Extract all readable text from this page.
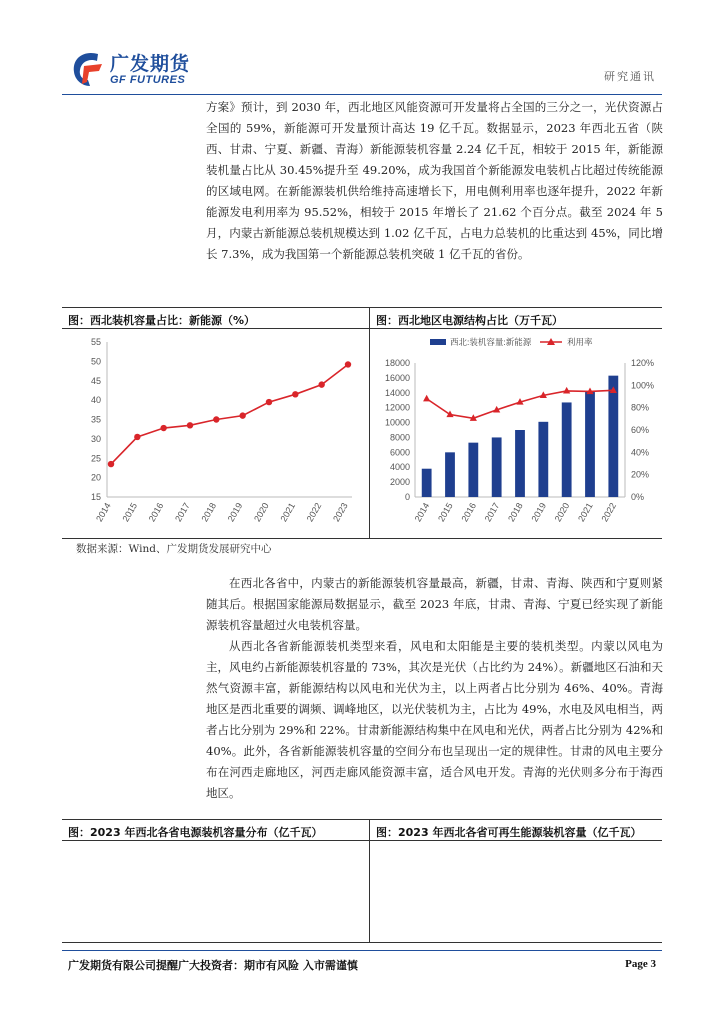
广发期货
GF FUTURES	研究通讯

方案》预计，到 2030 年，西北地区风能资源可开发量将占全国的三分之一，光伏资源占全国的 59%，新能源可开发量预计高达 19 亿千瓦。数据显示，2023 年西北五省（陕西、甘肃、宁夏、新疆、青海）新能源装机容量 2.24 亿千瓦，相较于 2015 年，新能源装机量占比从 30.45%提升至 49.20%，成为我国首个新能源发电装机占比超过传统能源的区域电网。在新能源装机供给维持高速增长下，用电侧利用率也逐年提升，2022 年新能源发电利用率为 95.52%，相较于 2015 年增长了 21.62 个百分点。截至 2024 年 5 月，内蒙古新能源总装机规模达到 1.02 亿千瓦，占电力总装机的比重达到 45%，同比增长 7.3%，成为我国第一个新能源总装机突破 1 亿千瓦的省份。

图：西北装机容量占比：新能源（%）	图：西北地区电源结构占比（万千瓦）
15
20
25
30
35
40
45
50
55
2014 2015 2016 2017 2018 2019 2020 2021 2022 2023
西北:装机容量:新能源	利用率
0
2000
4000
6000
8000
10000
12000
14000
16000
18000
0%
20%
40%
60%
80%
100%
120%
2014 2015 2016 2017 2018 2019 2020 2021 2022
数据来源：Wind、广发期货发展研究中心

在西北各省中，内蒙古的新能源装机容量最高，新疆，甘肃、青海、陕西和宁夏则紧随其后。根据国家能源局数据显示，截至 2023 年底，甘肃、青海、宁夏已经实现了新能源装机容量超过火电装机容量。

从西北各省新能源装机类型来看，风电和太阳能是主要的装机类型。内蒙以风电为主，风电约占新能源装机容量的 73%，其次是光伏（占比约为 24%）。新疆地区石油和天然气资源丰富，新能源结构以风电和光伏为主，以上两者占比分别为 46%、40%。青海地区是西北重要的调频、调峰地区，以光伏装机为主，占比为 49%，水电及风电相当，两者占比分别为 29%和 22%。甘肃新能源结构集中在风电和光伏，两者占比分别为 42%和 40%。此外，各省新能源装机容量的空间分布也呈现出一定的规律性。甘肃的风电主要分布在河西走廊地区，河西走廊风能资源丰富，适合风电开发。青海的光伏则多分布于海西地区。

图：2023 年西北各省电源装机容量分布（亿千瓦）	图：2023 年西北各省可再生能源装机容量（亿千瓦）
广发期货有限公司提醒广大投资者：期市有风险 入市需谨慎	Page 3
